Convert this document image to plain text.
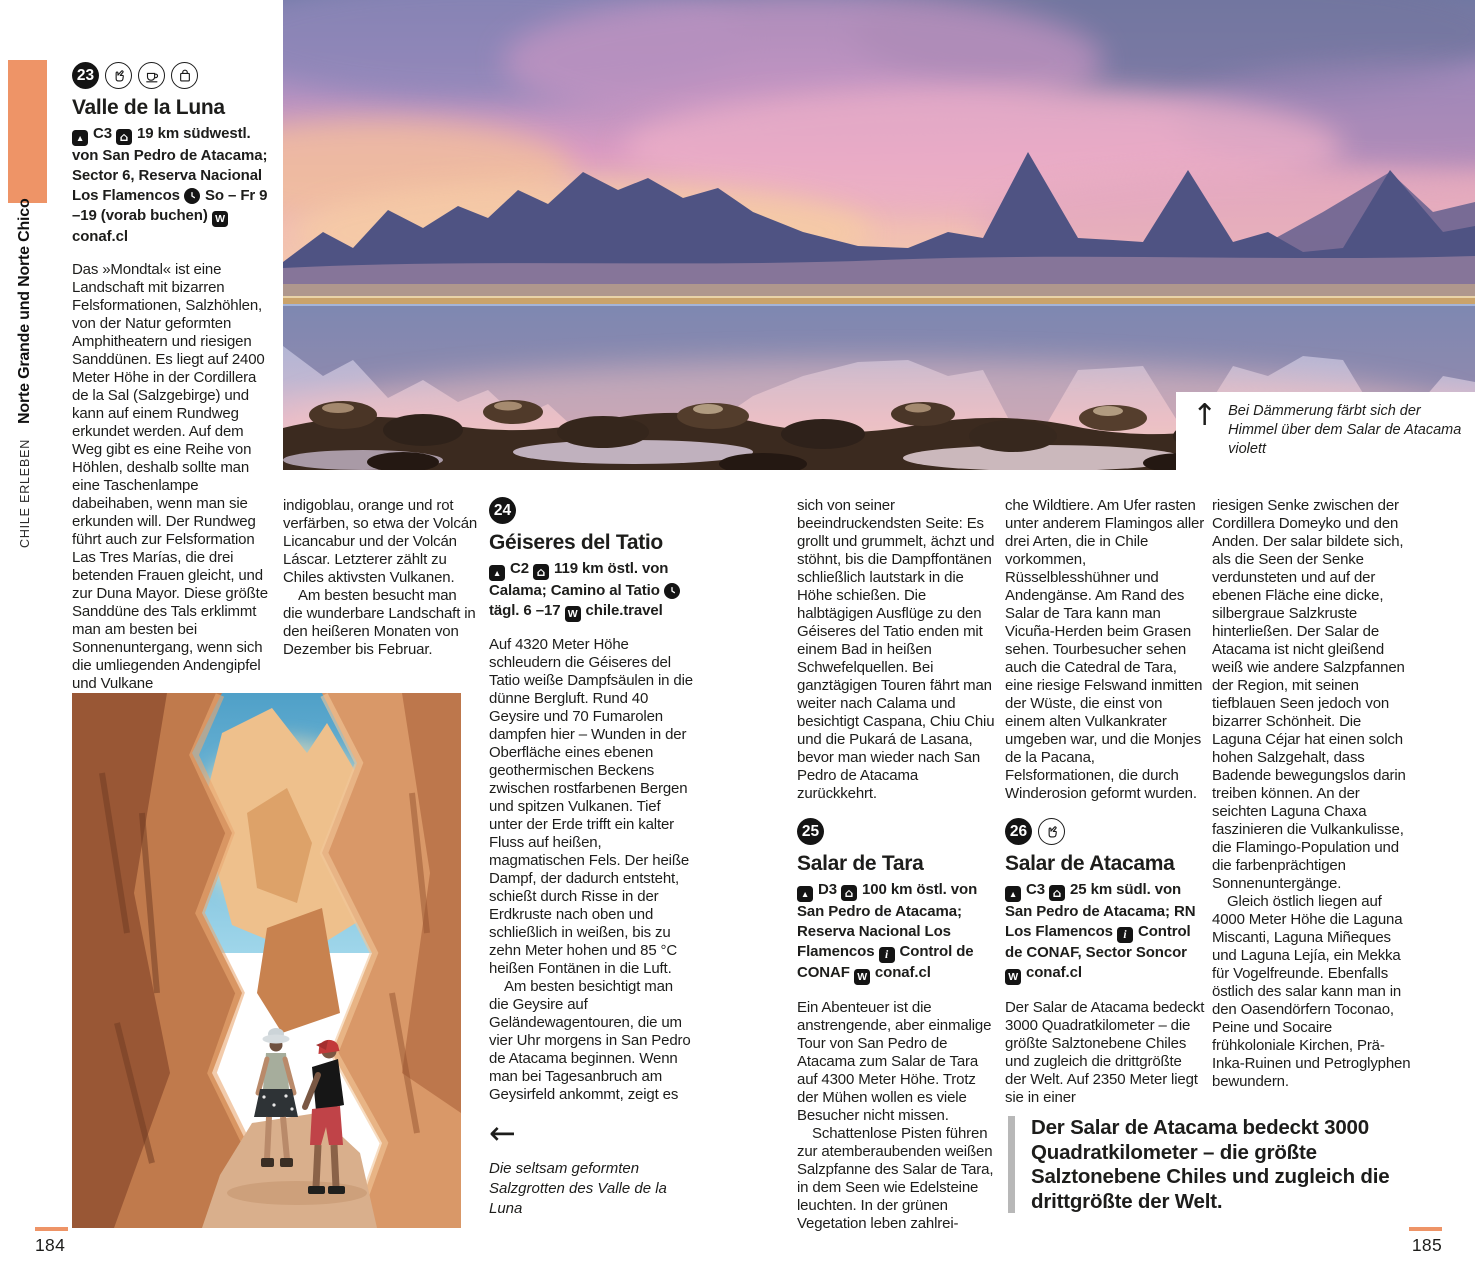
CHILE ERLEBEN
Norte Grande und Norte Chico	↑ Bei Dämmerung färbt sich der Himmel über dem Salar de Atacama violett
23
Valle de la Luna

▲ C3 ⌂ 19 km südwestl. von San Pedro de Atacama; Sector 6, Reserva Nacional Los Flamencos
So – Fr 9 –19 (vorab buchen) Wconaf.cl

Das »Mondtal« ist eine Landschaft mit bizarren Felsformationen, Salzhöhlen, von der Natur geformten Amphitheatern und riesigen Sanddünen. Es liegt auf 2400 Meter Höhe in der Cordillera de la Sal (Salzgebirge) und kann auf einem Rundweg erkundet werden. Auf dem Weg gibt es eine Reihe von Höhlen, deshalb sollte man eine Taschenlampe dabeihaben, wenn man sie erkunden will. Der Rundweg führt auch zur Felsformation Las Tres Marías, die drei betenden Frauen gleicht, und zur Duna Mayor. Diese größte Sanddüne des Tals erklimmt man am besten bei Sonnenuntergang, wenn sich die umliegenden Andengipfel und Vulkane

indigoblau, orange und rot verfärben, so etwa der Volcán Licancabur und der Volcán Láscar. Letzterer zählt zu Chiles aktivsten Vulkanen.

Am besten besucht man die wunderbare Landschaft in den heißeren Monaten von Dezember bis Februar.

24
Géiseres del Tatio

▲ C2 ⌂ 119 km östl. von Calama; Camino al Tatio
tägl. 6 –17 W chile.travel

Auf 4320 Meter Höhe schleudern die Géiseres del Tatio weiße Dampfsäulen in die dünne Bergluft. Rund 40 Geysire und 70 Fumarolen dampfen hier – Wunden in der Oberfläche eines ebenen geothermischen Beckens zwischen rostfarbenen Bergen und spitzen Vulkanen. Tief unter der Erde trifft ein kalter Fluss auf heißen, magmatischen Fels. Der heiße Dampf, der dadurch entsteht, schießt durch Risse in der Erdkruste nach oben und schließlich in weißen, bis zu zehn Meter hohen und 85 °C heißen Fontänen in die Luft.

Am besten besichtigt man die Geysire auf Geländewagentouren, die um vier Uhr morgens in San Pedro de Atacama beginnen. Wenn man bei Tagesanbruch am Geysirfeld ankommt, zeigt es

sich von seiner beeindruckendsten Seite: Es grollt und grummelt, ächzt und stöhnt, bis die Dampffontänen schließlich lautstark in die Höhe schießen. Die halbtägigen Ausflüge zu den Géiseres del Tatio enden mit einem Bad in heißen Schwefelquellen. Bei ganztägigen Touren fährt man weiter nach Calama und besichtigt Caspana, Chiu Chiu und die Pukará de Lasana, bevor man wieder nach San Pedro de Atacama zurückkehrt.

25
Salar de Tara

▲ D3 ⌂ 100 km östl. von San Pedro de Atacama; Reserva Nacional Los Flamencos i Control de CONAF W conaf.cl

Ein Abenteuer ist die anstrengende, aber einmalige Tour von San Pedro de Atacama zum Salar de Tara auf 4300 Meter Höhe. Trotz der Mühen wollen es viele Besucher nicht missen.

Schattenlose Pisten führen zur atemberaubenden weißen Salzpfanne des Salar de Tara, in dem Seen wie Edelsteine leuchten. In der grünen Vegetation leben zahlrei-

che Wildtiere. Am Ufer rasten unter anderem Flamingos aller drei Arten, die in Chile vorkommen, Rüsselblesshühner und Andengänse. Am Rand des Salar de Tara kann man Vicuña-Herden beim Grasen sehen. Tourbesucher sehen auch die Catedral de Tara, eine riesige Felswand inmitten der Wüste, die einst von einem alten Vulkankrater umgeben war, und die Monjes de la Pacana, Felsformationen, die durch Winderosion geformt wurden.

26
Salar de Atacama

▲ C3 ⌂ 25 km südl. von San Pedro de Atacama; RN Los Flamencos i Control de CONAF, Sector Soncor W conaf.cl

Der Salar de Atacama bedeckt 3000 Quadratkilometer – die größte Salztonebene Chiles und zugleich die drittgrößte der Welt. Auf 2350 Meter liegt sie in einer

riesigen Senke zwischen der Cordillera Domeyko und den Anden. Der salar bildete sich, als die Seen der Senke verdunsteten und auf der ebenen Fläche eine dicke, silbergraue Salzkruste hinterließen. Der Salar de Atacama ist nicht gleißend weiß wie andere Salzpfannen der Region, mit seinen tiefblauen Seen jedoch von bizarrer Schönheit. Die Laguna Céjar hat einen solch hohen Salzgehalt, dass Badende bewegungslos darin treiben können. An der seichten Laguna Chaxa faszinieren die Vulkankulisse, die Flamingo-Population und die farbenprächtigen Sonnenuntergänge.

Gleich östlich liegen auf 4000 Meter Höhe die Laguna Miscanti, Laguna Miñeques und Laguna Lejía, ein Mekka für Vogelfreunde. Ebenfalls östlich des salar kann man in den Oasendörfern Toconao, Peine und Socaire frühkoloniale Kirchen, Prä-Inka-Ruinen und Petroglyphen bewundern.

←
Die seltsam geformten Salzgrotten des Valle de la Luna

Der Salar de Atacama bedeckt 3000 Quadratkilometer – die größte Salztonebene Chiles und zugleich die drittgrößte der Welt.

184	185
